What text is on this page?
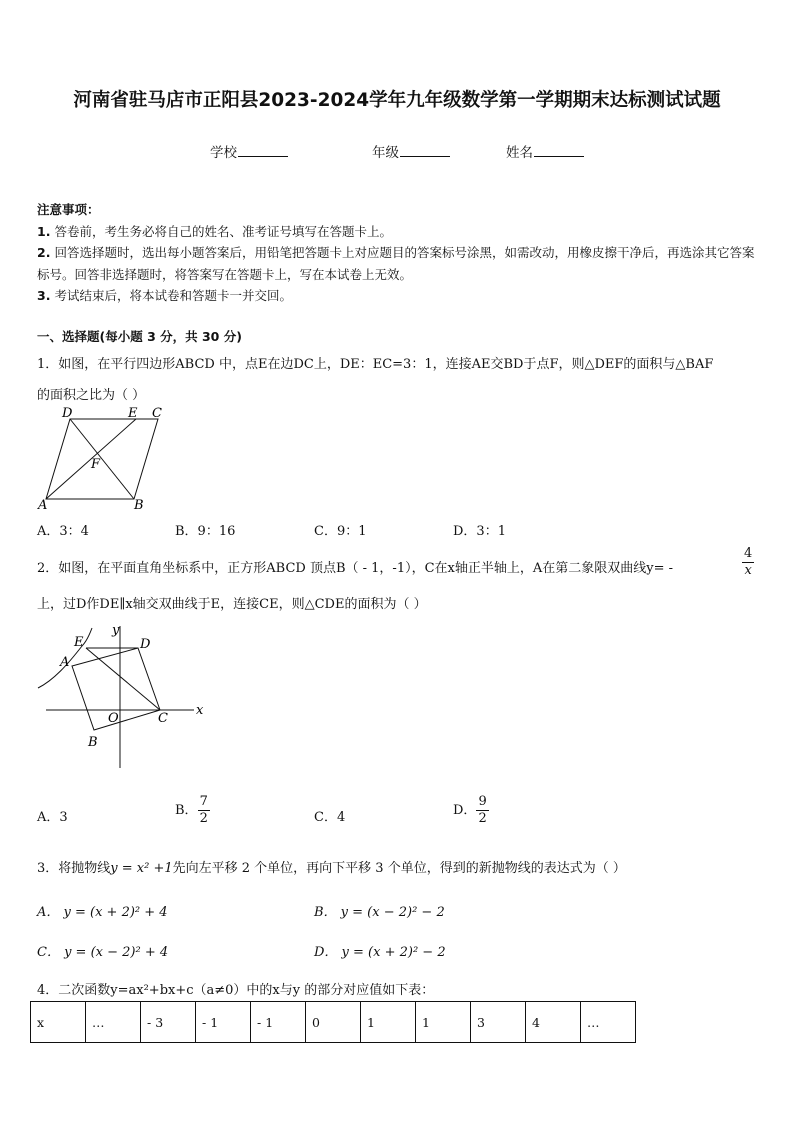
河南省驻马店市正阳县2023-2024学年九年级数学第一学期期末达标测试试题
学校	年级	姓名
注意事项：
1. 答卷前，考生务必将自己的姓名、准考证号填写在答题卡上。
2. 回答选择题时，选出每小题答案后，用铅笔把答题卡上对应题目的答案标号涂黑，如需改动，用橡皮擦干净后，再选涂其它答案标号。回答非选择题时，将答案写在答题卡上，写在本试卷上无效。
3. 考试结束后，将本试卷和答题卡一并交回。
一、选择题(每小题 3 分，共 30 分)
1．如图，在平行四边形ABCD 中，点E在边DC上，DE：EC=3：1，连接AE交BD于点F，则△DEF的面积与△BAF
的面积之比为（ ）
D	E C
F
A	B
A．3：4	B．9：16	C．9：1	D．3：1
2．如图，在平面直角坐标系中，正方形ABCD 顶点B（ - 1，-1），C在x轴正半轴上，A在第二象限双曲线y= -	$\frac{4}{x}$
上，过D作DE∥x轴交双曲线于E，连接CE，则△CDE的面积为（ ）
E
y
D
A
x
O	C
B
A．3	B． $\frac{7}{2}$	C．4	D． $\frac{9}{2}$
3．将抛物线y = x² +1先向左平移 2 个单位，再向下平移 3 个单位，得到的新抛物线的表达式为（ ）
A． y = (x + 2)² + 4	B． y = (x − 2)² − 2
C． y = (x − 2)² + 4	D． y = (x + 2)² − 2
4．二次函数y=ax²+bx+c（a≠0）中的x与y 的部分对应值如下表：
x	…	- 3	- 1	- 1	0	1	1	3	4	…
